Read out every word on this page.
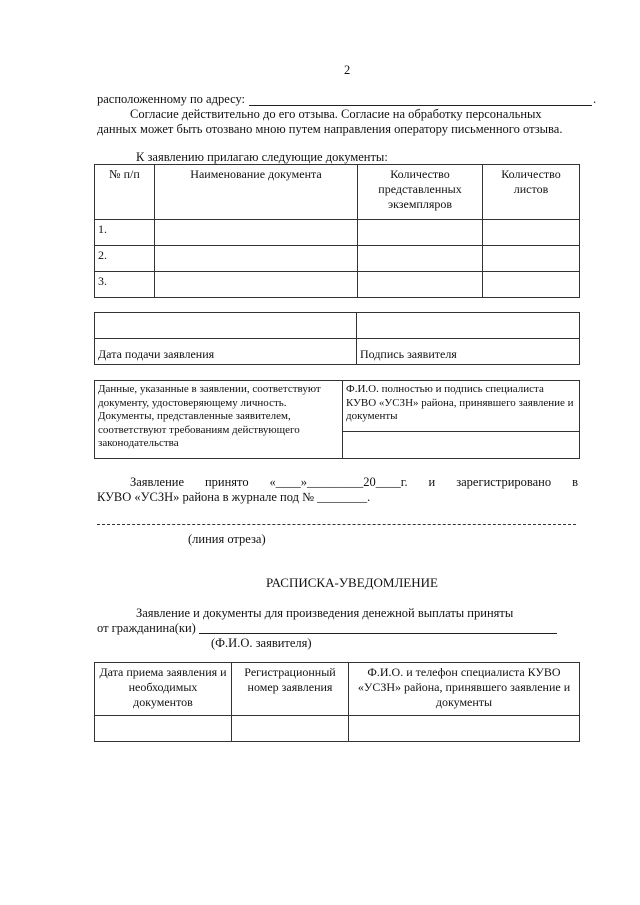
2
расположенному по адресу:	.
Согласие действительно до его отзыва. Согласие на обработку персональных
данных может быть отозвано мною путем направления оператору письменного отзыва.
К заявлению прилагаю следующие документы:
№ п/п	Наименование документа	Количество представленных экземпляров	Количество листов
1.			
2.			
3.			

Дата подачи заявления	Подпись заявителя
Данные, указанные в заявлении, соответствуют документу, удостоверяющему личность. Документы, представленные заявителем, соответствуют требованиям действующего законодательства	Ф.И.О. полностью и подпись специалиста КУВО «УСЗН» района, принявшего заявление и документы

Заявление принято «____»_________20____г. и зарегистрировано в
КУВО «УСЗН» района в журнале под № ________.
(линия отреза)
РАСПИСКА-УВЕДОМЛЕНИЕ
Заявление и документы для произведения денежной выплаты приняты
от гражданина(ки)
(Ф.И.О. заявителя)
Дата приема заявления и необходимых документов	Регистрационный номер заявления	Ф.И.О. и телефон специалиста КУВО «УСЗН» района, принявшего заявление и документы
